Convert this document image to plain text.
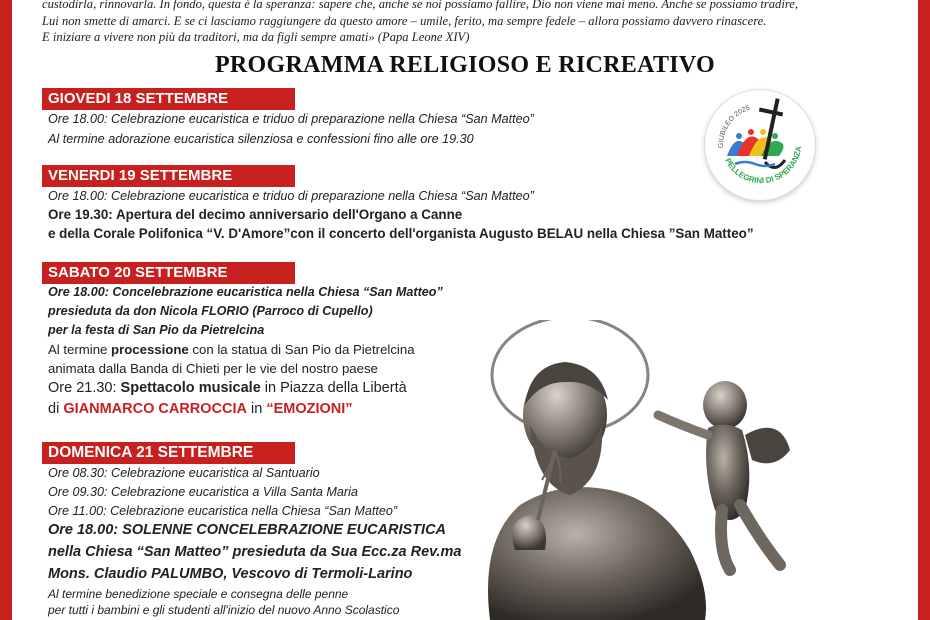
custodirla, rinnovarla. In fondo, questa è la speranza: sapere che, anche se noi possiamo fallire, Dio non viene mai meno. Anche se possiamo tradire,
Lui non smette di amarci. E se ci lasciamo raggiungere da questo amore – umile, ferito, ma sempre fedele – allora possiamo davvero rinascere.
E iniziare a vivere non più da traditori, ma da figli sempre amati» (Papa Leone XIV)
PROGRAMMA RELIGIOSO E RICREATIVO
GIOVEDI 18 SETTEMBRE
Ore 18.00: Celebrazione eucaristica e triduo di preparazione nella Chiesa “San Matteo”
Al termine adorazione eucaristica silenziosa e confessioni fino alle ore 19.30
VENERDI 19 SETTEMBRE
Ore 18.00: Celebrazione eucaristica e triduo di preparazione nella Chiesa “San Matteo”
Ore 19.30: Apertura del decimo anniversario dell'Organo a Canne
e della Corale Polifonica “V. D'Amore”con il concerto dell'organista Augusto BELAU nella Chiesa ”San Matteo”
SABATO 20 SETTEMBRE
Ore 18.00: Concelebrazione eucaristica nella Chiesa “San Matteo”
presieduta da don Nicola FLORIO (Parroco di Cupello)
per la festa di San Pio da Pietrelcina
Al termine processione con la statua di San Pio da Pietrelcina
animata dalla Banda di Chieti per le vie del nostro paese
Ore 21.30: Spettacolo musicale in Piazza della Libertà
di GIANMARCO CARROCCIA in “EMOZIONI”
DOMENICA 21 SETTEMBRE
Ore 08.30: Celebrazione eucaristica al Santuario
Ore 09.30: Celebrazione eucaristica a Villa Santa Maria
Ore 11.00: Celebrazione eucaristica nella Chiesa “San Matteo”
Ore 18.00: SOLENNE CONCELEBRAZIONE EUCARISTICA
nella Chiesa “San Matteo” presieduta da Sua Ecc.za Rev.ma
Mons. Claudio PALUMBO, Vescovo di Termoli-Larino
Al termine benedizione speciale e consegna delle penne
per tutti i bambini e gli studenti all'inizio del nuovo Anno Scolastico
GIUBILEO 2025
PELLEGRINI DI SPERANZA
